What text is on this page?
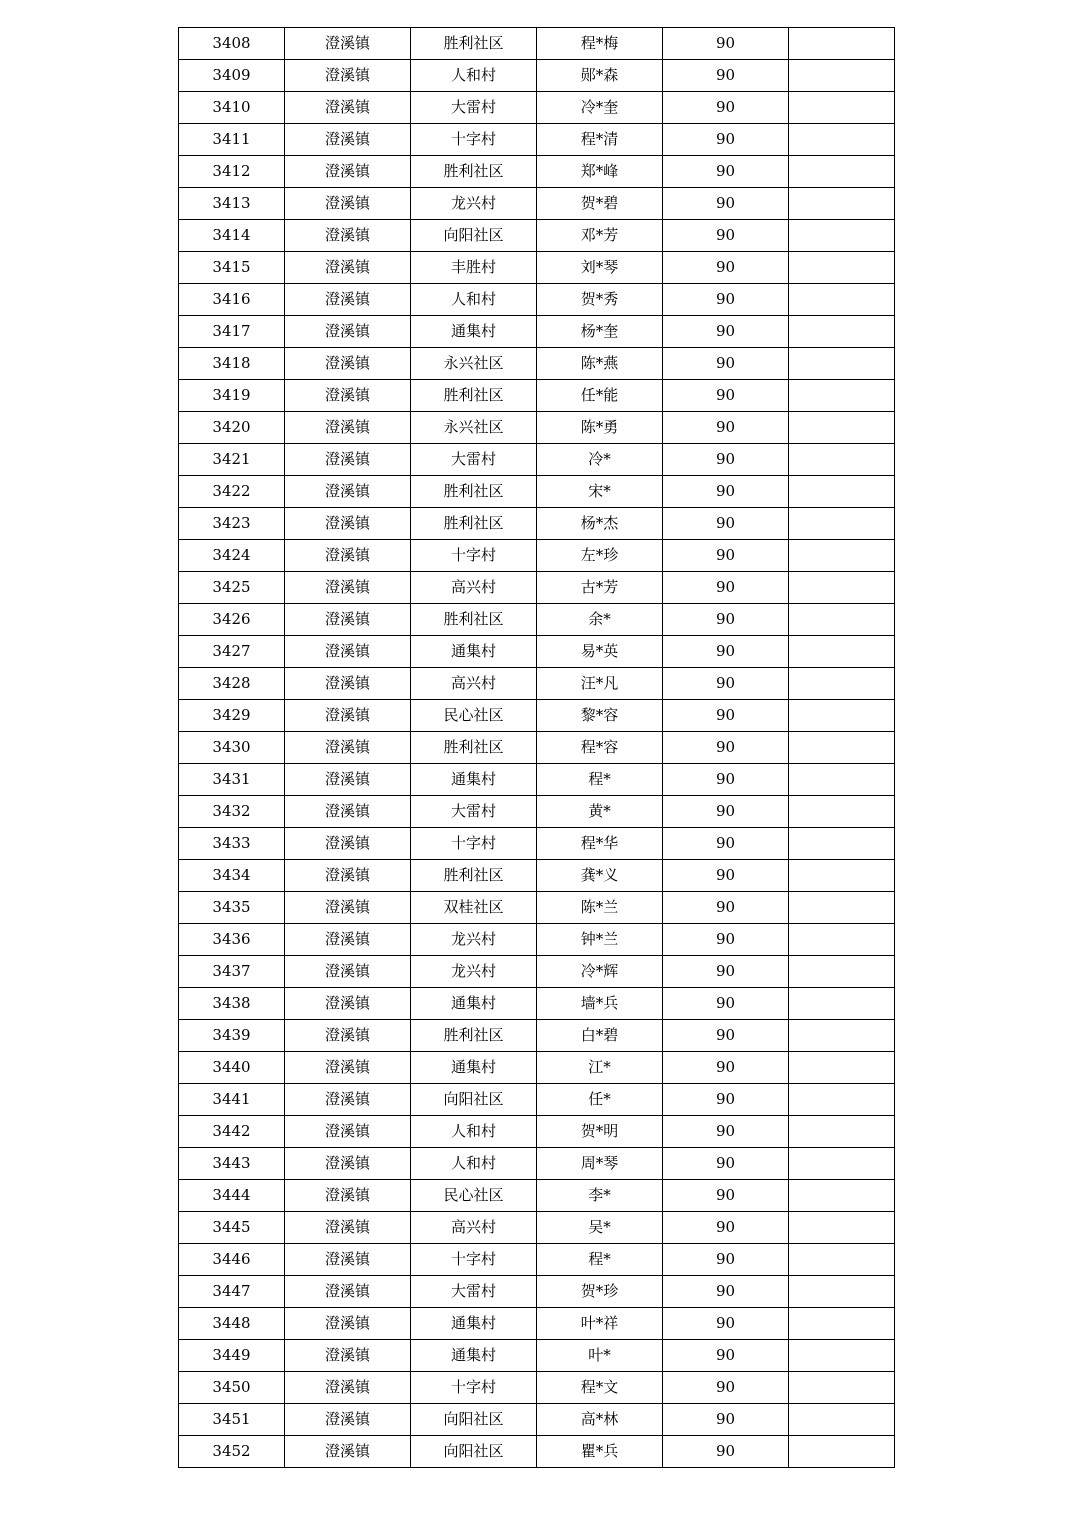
3408	澄溪镇	胜利社区	程*梅	90	
3409	澄溪镇	人和村	郧*森	90	
3410	澄溪镇	大雷村	冷*奎	90	
3411	澄溪镇	十字村	程*清	90	
3412	澄溪镇	胜利社区	郑*峰	90	
3413	澄溪镇	龙兴村	贺*碧	90	
3414	澄溪镇	向阳社区	邓*芳	90	
3415	澄溪镇	丰胜村	刘*琴	90	
3416	澄溪镇	人和村	贺*秀	90	
3417	澄溪镇	通集村	杨*奎	90	
3418	澄溪镇	永兴社区	陈*燕	90	
3419	澄溪镇	胜利社区	任*能	90	
3420	澄溪镇	永兴社区	陈*勇	90	
3421	澄溪镇	大雷村	冷*	90	
3422	澄溪镇	胜利社区	宋*	90	
3423	澄溪镇	胜利社区	杨*杰	90	
3424	澄溪镇	十字村	左*珍	90	
3425	澄溪镇	高兴村	古*芳	90	
3426	澄溪镇	胜利社区	余*	90	
3427	澄溪镇	通集村	易*英	90	
3428	澄溪镇	高兴村	汪*凡	90	
3429	澄溪镇	民心社区	黎*容	90	
3430	澄溪镇	胜利社区	程*容	90	
3431	澄溪镇	通集村	程*	90	
3432	澄溪镇	大雷村	黄*	90	
3433	澄溪镇	十字村	程*华	90	
3434	澄溪镇	胜利社区	龚*义	90	
3435	澄溪镇	双桂社区	陈*兰	90	
3436	澄溪镇	龙兴村	钟*兰	90	
3437	澄溪镇	龙兴村	冷*辉	90	
3438	澄溪镇	通集村	墙*兵	90	
3439	澄溪镇	胜利社区	白*碧	90	
3440	澄溪镇	通集村	江*	90	
3441	澄溪镇	向阳社区	任*	90	
3442	澄溪镇	人和村	贺*明	90	
3443	澄溪镇	人和村	周*琴	90	
3444	澄溪镇	民心社区	李*	90	
3445	澄溪镇	高兴村	吴*	90	
3446	澄溪镇	十字村	程*	90	
3447	澄溪镇	大雷村	贺*珍	90	
3448	澄溪镇	通集村	叶*祥	90	
3449	澄溪镇	通集村	叶*	90	
3450	澄溪镇	十字村	程*文	90	
3451	澄溪镇	向阳社区	高*林	90	
3452	澄溪镇	向阳社区	瞿*兵	90	
